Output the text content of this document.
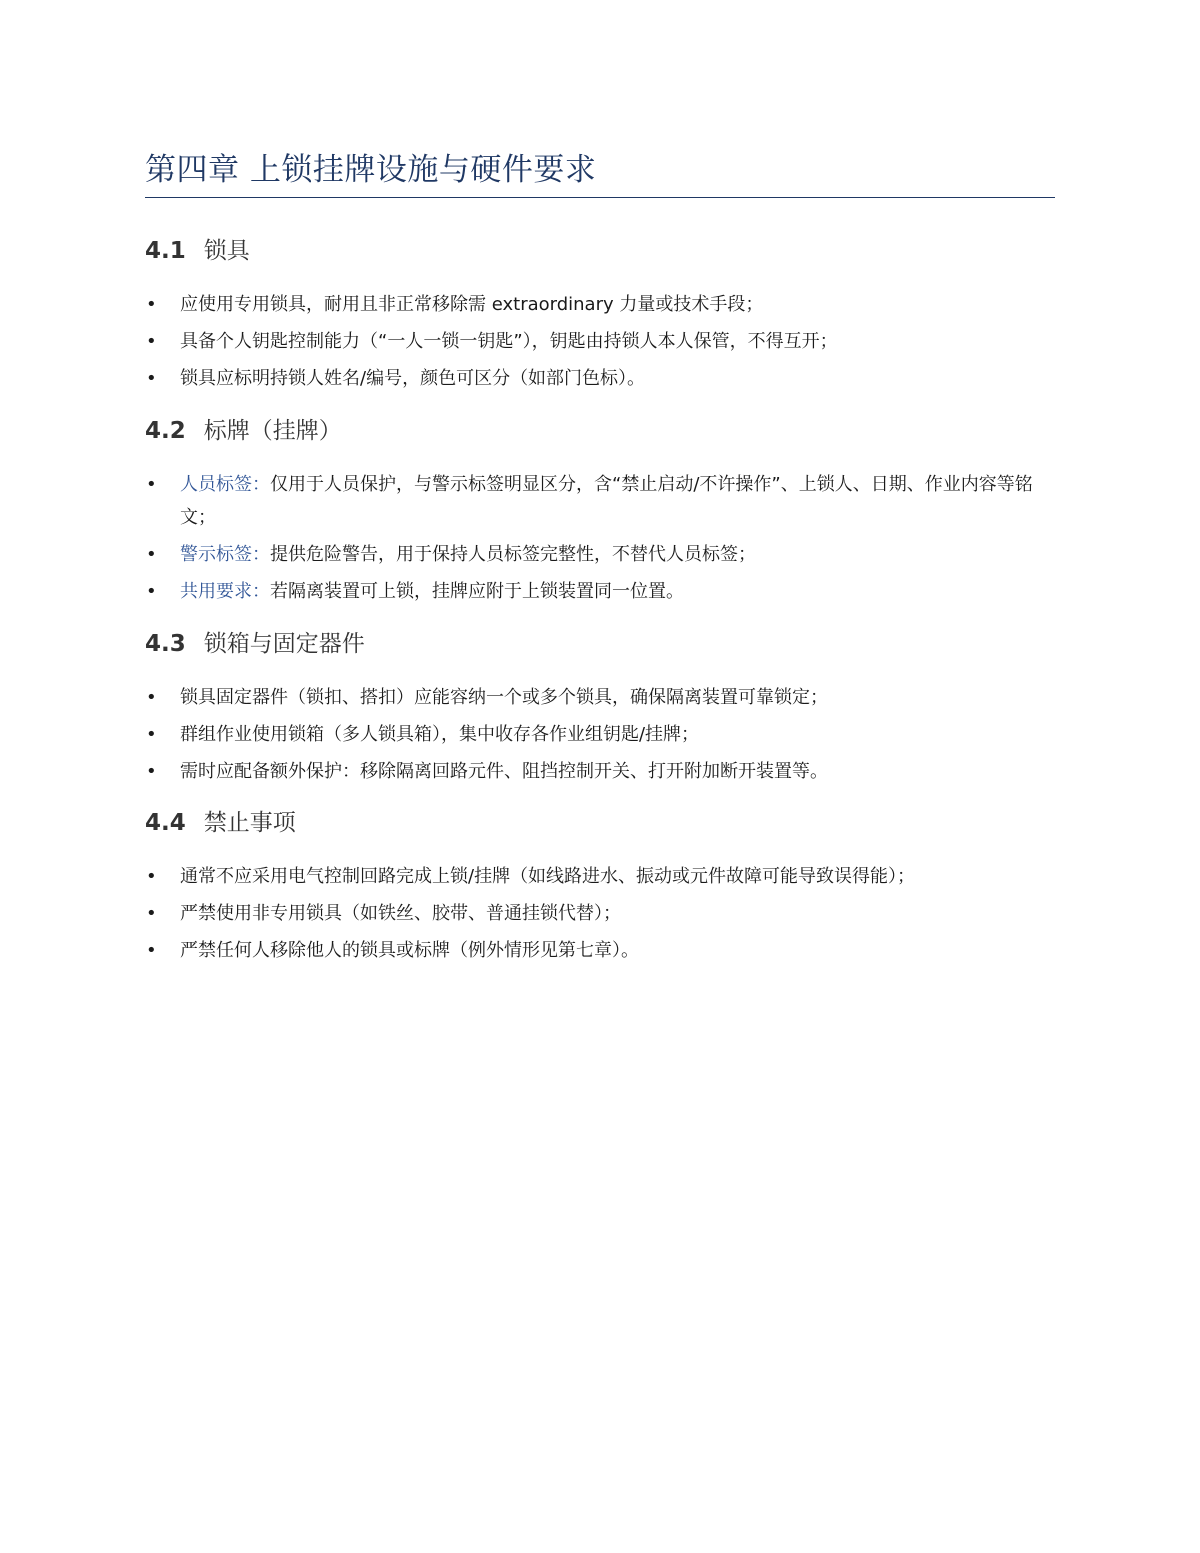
第四章 上锁挂牌设施与硬件要求
4.1 锁具
• 应使用专用锁具，耐用且非正常移除需 extraordinary 力量或技术手段；
• 具备个人钥匙控制能力（“一人一锁一钥匙”），钥匙由持锁人本人保管，不得互开；
• 锁具应标明持锁人姓名/编号，颜色可区分（如部门色标）。
4.2 标牌（挂牌）
• 人员标签：仅用于人员保护，与警示标签明显区分，含“禁止启动/不许操作”、上锁人、日期、作业内容等铭文；
• 警示标签：提供危险警告，用于保持人员标签完整性，不替代人员标签；
• 共用要求：若隔离装置可上锁，挂牌应附于上锁装置同一位置。
4.3 锁箱与固定器件
• 锁具固定器件（锁扣、搭扣）应能容纳一个或多个锁具，确保隔离装置可靠锁定；
• 群组作业使用锁箱（多人锁具箱），集中收存各作业组钥匙/挂牌；
• 需时应配备额外保护：移除隔离回路元件、阻挡控制开关、打开附加断开装置等。
4.4 禁止事项
• 通常不应采用电气控制回路完成上锁/挂牌（如线路进水、振动或元件故障可能导致误得能）；
• 严禁使用非专用锁具（如铁丝、胶带、普通挂锁代替）；
• 严禁任何人移除他人的锁具或标牌（例外情形见第七章）。
